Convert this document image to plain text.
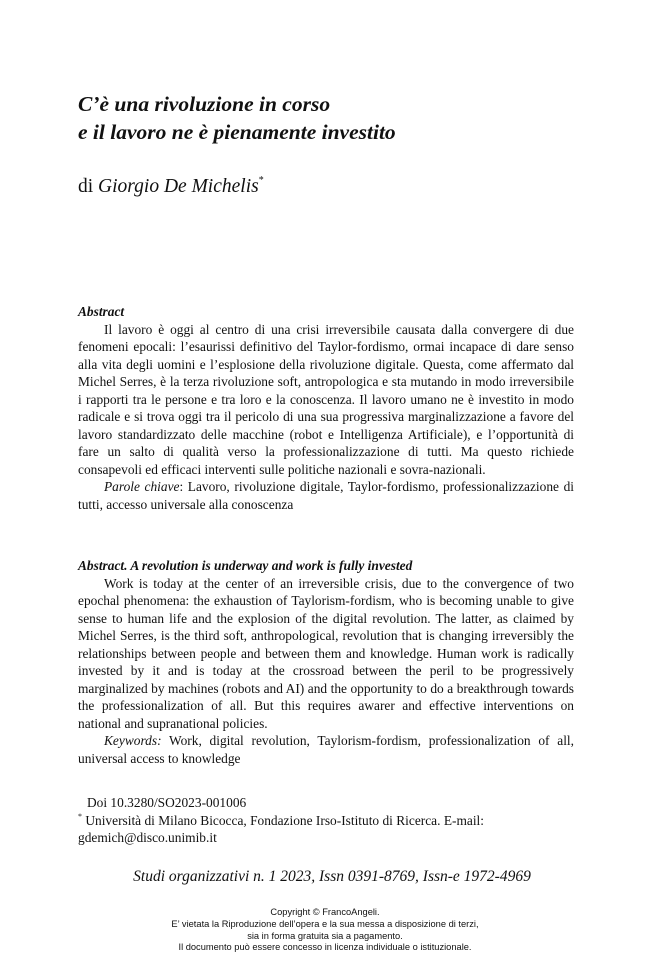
C’è una rivoluzione in corso
e il lavoro ne è pienamente investito
di Giorgio De Michelis*
Abstract

Il lavoro è oggi al centro di una crisi irreversibile causata dalla convergere di due fenomeni epocali: l’esaurissi definitivo del Taylor-fordismo, ormai incapace di dare senso alla vita degli uomini e l’esplosione della rivoluzione digitale. Questa, come affermato dal Michel Serres, è la terza rivoluzione soft, antropologica e sta mutando in modo irreversibile i rapporti tra le persone e tra loro e la conoscenza. Il lavoro umano ne è investito in modo radicale e si trova oggi tra il pericolo di una sua progressiva marginalizzazione a favore del lavoro standardizzato delle macchine (robot e Intelligenza Artificiale), e l’opportunità di fare un salto di qualità verso la professionalizzazione di tutti. Ma questo richiede consapevoli ed efficaci interventi sulle politiche nazionali e sovra-nazionali.

Parole chiave: Lavoro, rivoluzione digitale, Taylor-fordismo, professionalizzazione di tutti, accesso universale alla conoscenza

Abstract. A revolution is underway and work is fully invested

Work is today at the center of an irreversible crisis, due to the convergence of two epochal phenomena: the exhaustion of Taylorism-fordism, who is becoming unable to give sense to human life and the explosion of the digital revolution. The latter, as claimed by Michel Serres, is the third soft, anthropological, revolution that is changing irreversibly the relationships between people and between them and knowledge. Human work is radically invested by it and is today at the crossroad between the peril to be progressively marginalized by machines (robots and AI) and the opportunity to do a breakthrough towards the professionalization of all. But this requires awarer and effective interventions on national and supranational policies.

Keywords: Work, digital revolution, Taylorism-fordism, professionalization of all, universal access to knowledge

Doi 10.3280/SO2023-001006
* Università di Milano Bicocca, Fondazione Irso-Istituto di Ricerca. E-mail: gdemich@disco.unimib.it
Studi organizzativi n. 1 2023, Issn 0391-8769, Issn-e 1972-4969
Copyright © FrancoAngeli.
E’ vietata la Riproduzione dell’opera e la sua messa a disposizione di terzi,
sia in forma gratuita sia a pagamento.
Il documento può essere concesso in licenza individuale o istituzionale.
